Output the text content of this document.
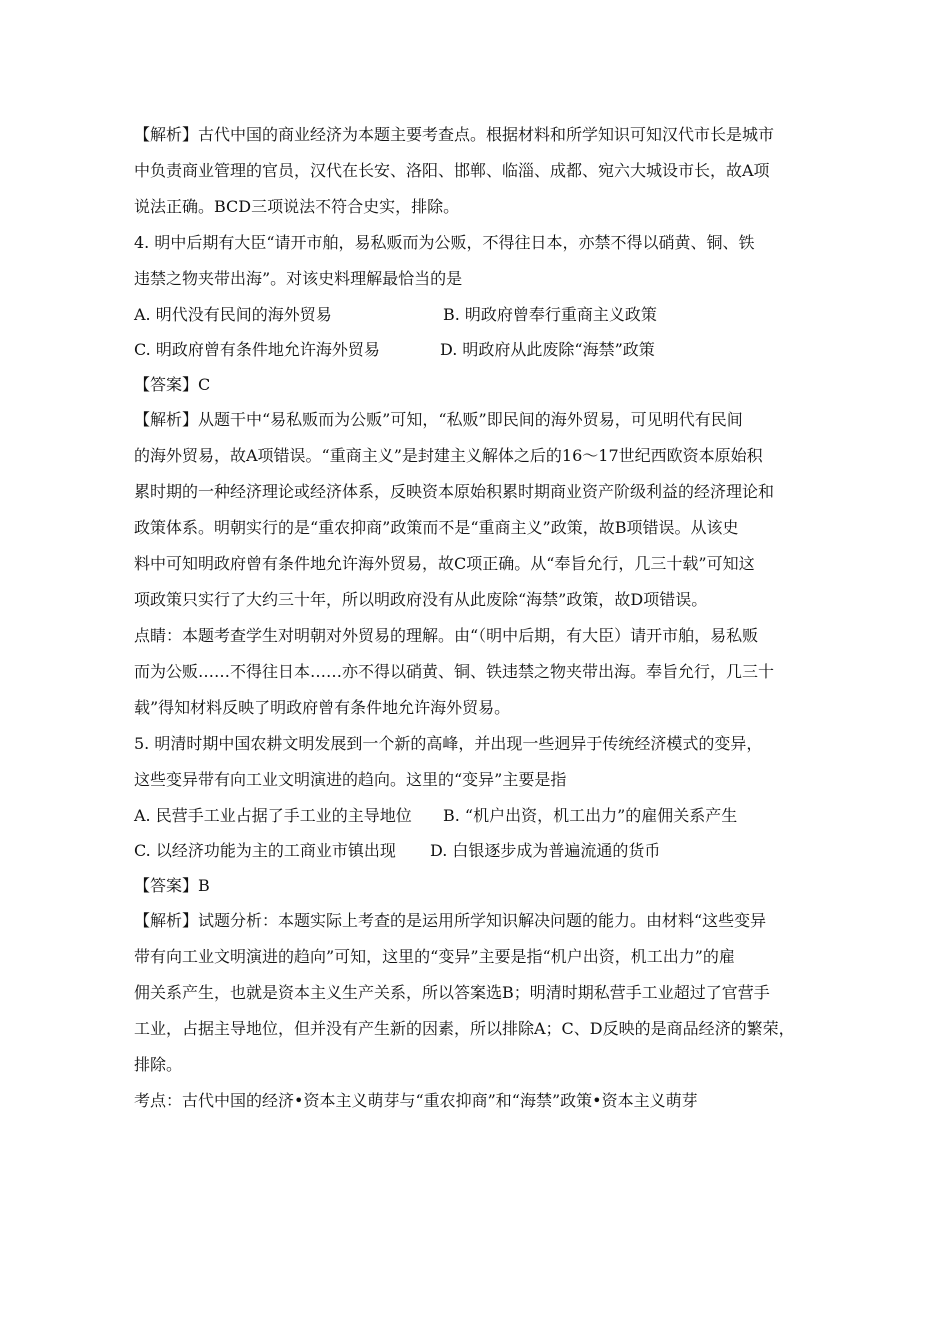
【解析】古代中国的商业经济为本题主要考查点。根据材料和所学知识可知汉代市长是城市
中负责商业管理的官员，汉代在长安、洛阳、邯郸、临淄、成都、宛六大城设市长，故A项
说法正确。BCD三项说法不符合史实，排除。

4. 明中后期有大臣“请开市舶，易私贩而为公贩，不得往日本，亦禁不得以硝黄、铜、铁
违禁之物夹带出海”。对该史料理解最恰当的是

A. 明代没有民间的海外贸易	B. 明政府曾奉行重商主义政策
C. 明政府曾有条件地允许海外贸易	D. 明政府从此废除“海禁”政策

【答案】C

【解析】从题干中“易私贩而为公贩”可知，“私贩”即民间的海外贸易，可见明代有民间
的海外贸易，故A项错误。“重商主义”是封建主义解体之后的16～17世纪西欧资本原始积
累时期的一种经济理论或经济体系，反映资本原始积累时期商业资产阶级利益的经济理论和
政策体系。明朝实行的是“重农抑商”政策而不是“重商主义”政策，故B项错误。从该史
料中可知明政府曾有条件地允许海外贸易，故C项正确。从“奉旨允行，几三十载”可知这
项政策只实行了大约三十年，所以明政府没有从此废除“海禁”政策，故D项错误。

点睛：本题考查学生对明朝对外贸易的理解。由“（明中后期，有大臣）请开市舶，易私贩
而为公贩……不得往日本……亦不得以硝黄、铜、铁违禁之物夹带出海。奉旨允行，几三十
载”得知材料反映了明政府曾有条件地允许海外贸易。

5. 明清时期中国农耕文明发展到一个新的高峰，并出现一些迥异于传统经济模式的变异，
这些变异带有向工业文明演进的趋向。这里的“变异”主要是指

A. 民营手工业占据了手工业的主导地位	B. “机户出资，机工出力”的雇佣关系产生
C. 以经济功能为主的工商业市镇出现	D. 白银逐步成为普遍流通的货币

【答案】B

【解析】试题分析：本题实际上考查的是运用所学知识解决问题的能力。由材料“这些变异
带有向工业文明演进的趋向”可知，这里的“变异”主要是指“机户出资，机工出力”的雇
佣关系产生，也就是资本主义生产关系，所以答案选B；明清时期私营手工业超过了官营手
工业，占据主导地位，但并没有产生新的因素，所以排除A；C、D反映的是商品经济的繁荣，
排除。

考点：古代中国的经济•资本主义萌芽与“重农抑商”和“海禁”政策•资本主义萌芽
